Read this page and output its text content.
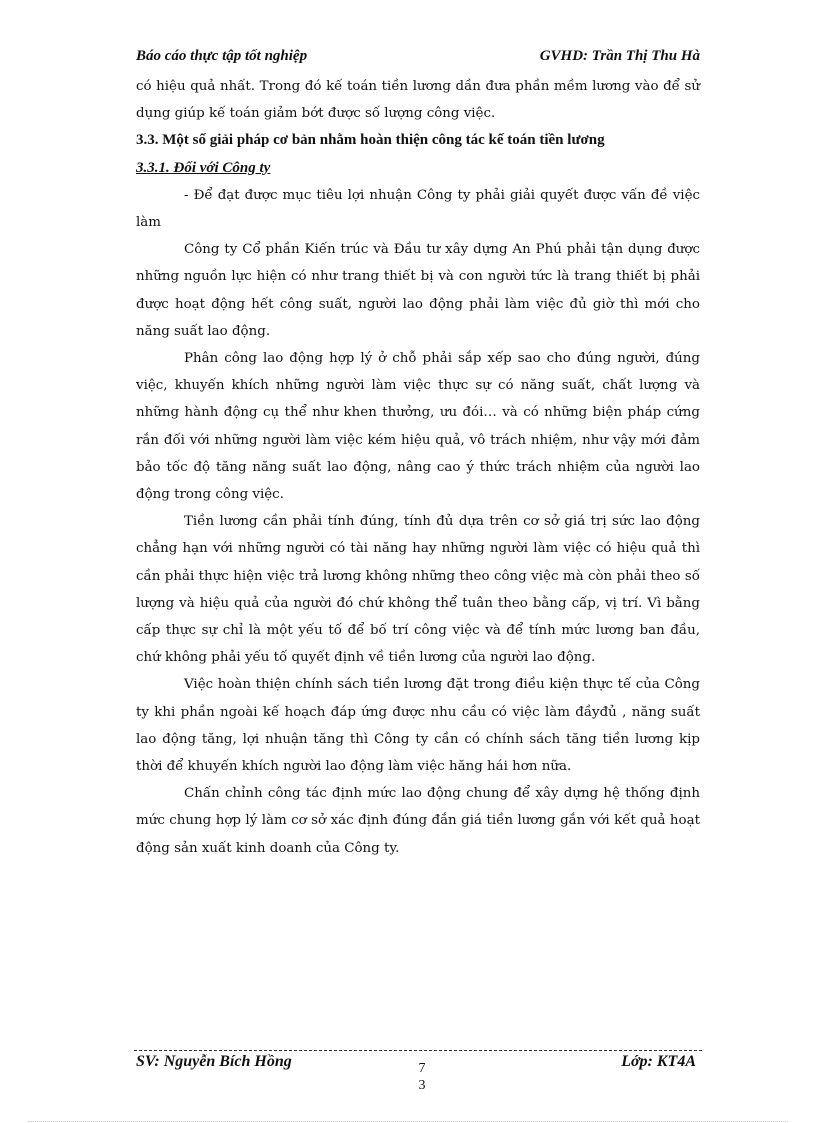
Báo cáo thực tập tốt nghiệp	GVHD: Trần Thị Thu Hà

có hiệu quả nhất. Trong đó kế toán tiền lương dần đưa phần mềm lương vào để sử dụng giúp kế toán giảm bớt được số lượng công việc.

3.3. Một số giải pháp cơ bản nhằm hoàn thiện công tác kế toán tiền lương

3.3.1. Đối với Công ty

- Để đạt được mục tiêu lợi nhuận Công ty phải giải quyết được vấn đề việc làm

Công ty Cổ phần Kiến trúc và Đầu tư xây dựng An Phú phải tận dụng được những nguồn lực hiện có như trang thiết bị và con người tức là trang thiết bị phải được hoạt động hết công suất, người lao động phải làm việc đủ giờ thì mới cho năng suất lao động.

Phân công lao động hợp lý ở chỗ phải sắp xếp sao cho đúng người, đúng việc, khuyến khích những người làm việc thực sự có năng suất, chất lượng và những hành động cụ thể như khen thưởng, ưu đói… và có những biện pháp cứng rắn đối với những người làm việc kém hiệu quả, vô trách nhiệm, như vậy mới đảm bảo tốc độ tăng năng suất lao động, nâng cao ý thức trách nhiệm của người lao động trong công việc.

Tiền lương cần phải tính đúng, tính đủ dựa trên cơ sở giá trị sức lao động chẳng hạn với những người có tài năng hay những người làm việc có hiệu quả thì cần phải thực hiện việc trả lương không những theo công việc mà còn phải theo số lượng và hiệu quả của người đó chứ không thể tuân theo bằng cấp, vị trí. Vì bằng cấp thực sự chỉ là một yếu tố để bố trí công việc và để tính mức lương ban đầu, chứ không phải yếu tố quyết định về tiền lương của người lao động.

Việc hoàn thiện chính sách tiền lương đặt trong điều kiện thực tế của Công ty khi phần ngoài kế hoạch đáp ứng được nhu cầu có việc làm đầyđủ , năng suất lao động tăng, lợi nhuận tăng thì Công ty cần có chính sách tăng tiền lương kịp thời để khuyến khích người lao động làm việc hăng hái hơn nữa.

Chấn chỉnh công tác định mức lao động chung để xây dựng hệ thống định mức chung hợp lý làm cơ sở xác định đúng đắn giá tiền lương gắn với kết quả hoạt động sản xuất kinh doanh của Công ty.

SV: Nguyễn Bích Hồng	7
3
Lớp: KT4A
